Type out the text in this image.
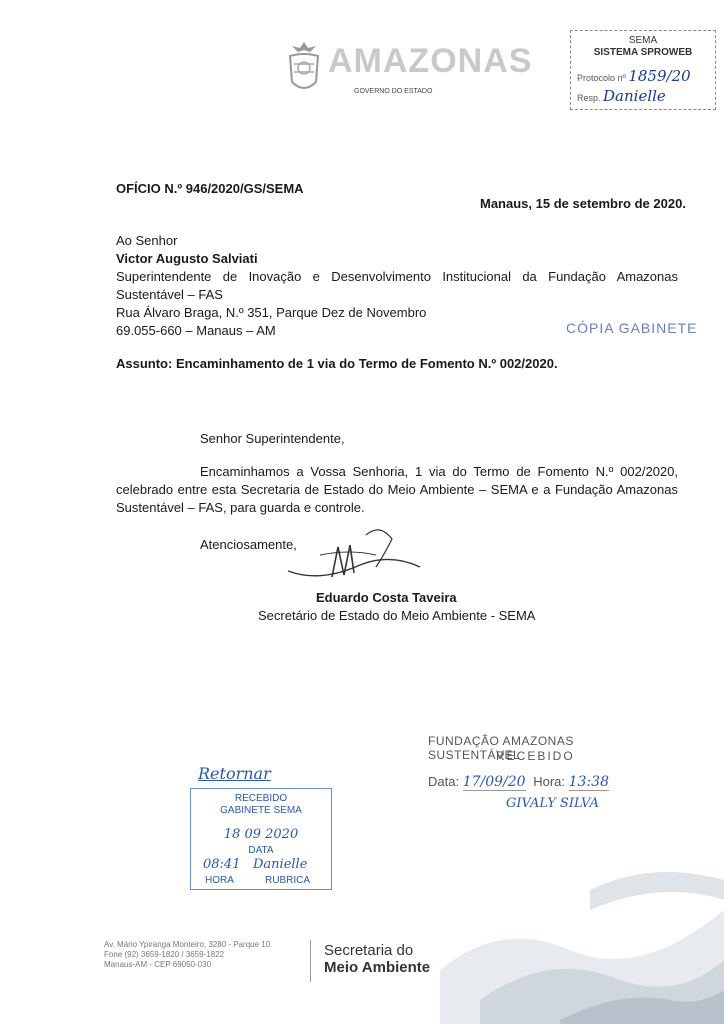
AMAZONAS
GOVERNO DO ESTADO
SEMA
SISTEMA SPROWEB
Protocolo nº 1859/20
Resp. Danielle
OFÍCIO N.º 946/2020/GS/SEMA
Manaus, 15 de setembro de 2020.
Ao Senhor
Victor Augusto Salviati
Superintendente de Inovação e Desenvolvimento Institucional da Fundação Amazonas
Sustentável – FAS
Rua Álvaro Braga, N.º 351, Parque Dez de Novembro
69.055-660 – Manaus – AM	CÓPIA GABINETE
Assunto: Encaminhamento de 1 via do Termo de Fomento N.º 002/2020.
Senhor Superintendente,
Encaminhamos a Vossa Senhoria, 1 via do Termo de Fomento N.º 002/2020,
celebrado entre esta Secretaria de Estado do Meio Ambiente – SEMA e a Fundação Amazonas
Sustentável – FAS, para guarda e controle.
Atenciosamente,
Eduardo Costa Taveira
Secretário de Estado do Meio Ambiente - SEMA
FUNDAÇÃO AMAZONAS SUSTENTÁVEL
RECEBIDO
Data: 17/09/20 Hora: 13:38
GIVALY SILVA
Retornar
RECEBIDO
GABINETE SEMA
18 09 2020
DATA
08:41 Danielle
HORA	RUBRICA
Av. Mário Ypiranga Monteiro, 3280 - Parque 10
Fone (92) 3659-1820 / 3659-1822
Manaus-AM - CEP 69050-030
Secretaria do
Meio Ambiente
